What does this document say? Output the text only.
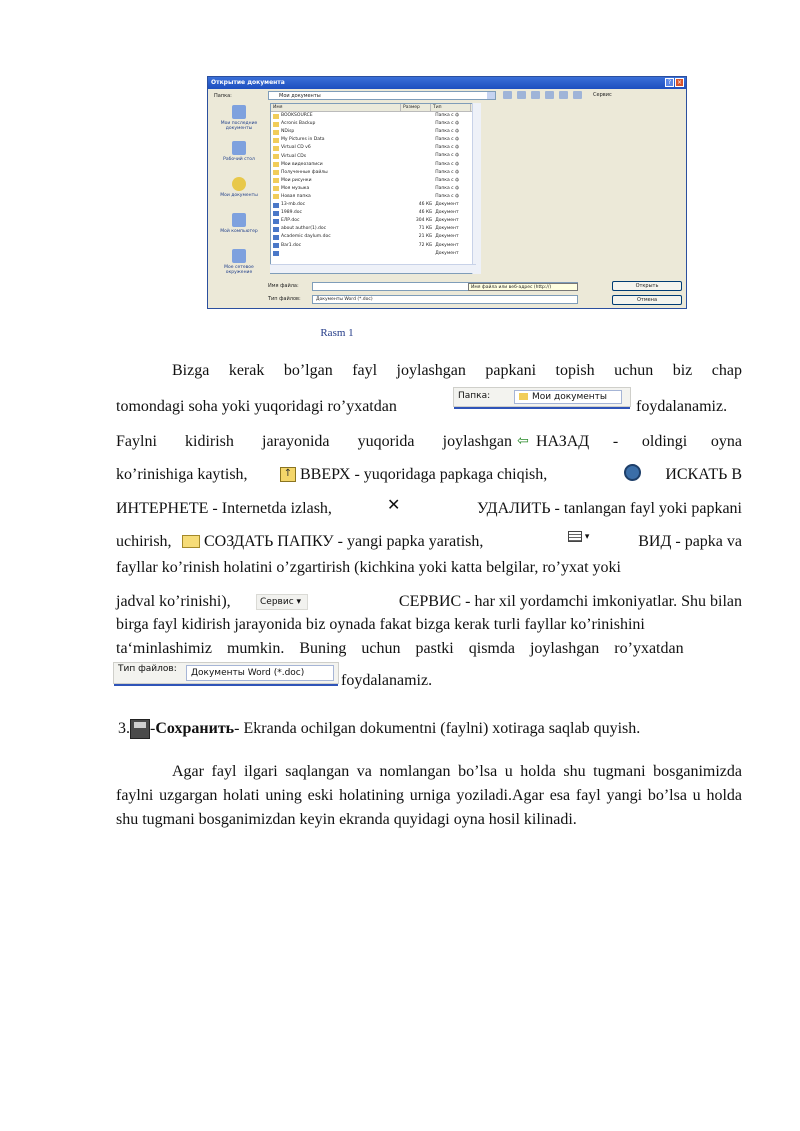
Открытие документа	? ×
Папка:	Мои документы	Сервис
Мои последние документы
Рабочий стол
Мои документы
Мой компьютер
Мое сетевое окружение
Имя	Размер	Тип
BOOKSOURCE	Папка с ф
Acronis Backup	Папка с ф
NDisp	Папка с ф
My Pictures in Data	Папка с ф
Virtual CD v6	Папка с ф
Virtual CDs	Папка с ф
Мои видеозаписи	Папка с ф
Полученные файлы	Папка с ф
Мои рисунки	Папка с ф
Моя музыка	Папка с ф
Новая папка	Папка с ф
13-mb.doc	46 КБ Документ
1989.doc	46 КБ Документ
ЕЛР.doc	304 КБ Документ
about author(1).doc	71 КБ Документ
Academic daylum.doc	21 КБ Документ
Bar1.doc	72 КБ Документ
Документ
Имя файла:	Имя файла или веб-адрес (http://)
Тип файлов:	Документы Word (*.doc)
Открыть
Отмена
Rasm 1
Bizga kerak bo’lgan fayl joylashgan papkani topish uchun biz chap
tomondagi soha yoki yuqoridagi ro’yxatdan
Папка:	Мои документы
foydalanamiz.
Faylni kidirish jarayonida yuqorida joylashgan
⇦ НАЗАД - oldingi oyna
ko’rinishiga kaytish,	↑ ВВЕРХ - yuqoridaga papkaga chiqish,	ИСКАТЬ В
ИНТЕРНЕТЕ - Internetda izlash,	✕	УДАЛИТЬ - tanlangan fayl yoki papkani
uchirish,	СОЗДАТЬ ПАПКУ - yangi papka yaratish,	▾	ВИД - papka va
fayllar ko’rinish holatini o’zgartirish (kichkina yoki katta belgilar, ro’yxat yoki
jadval ko’rinishi),	Сервис ▾	СЕРВИС - har xil yordamchi imkoniyatlar. Shu bilan
birga fayl kidirish jarayonida biz oynada fakat bizga kerak turli fayllar ko’rinishini
ta‘minlashimiz mumkin. Buning uchun pastki qismda joylashgan ro’yxatdan
Тип файлов:	Документы Word (*.doc)	foydalanamiz.
3. - Сохранить - Ekranda ochilgan dokumentni (faylni) xotiraga saqlab quyish.
Agar fayl ilgari saqlangan va nomlangan bo’lsa u holda shu tugmani bosganimizda faylni uzgargan holati uning eski holatining urniga yoziladi.Agar esa fayl yangi bo’lsa u holda shu tugmani bosganimizdan keyin ekranda quyidagi oyna hosil kilinadi.
